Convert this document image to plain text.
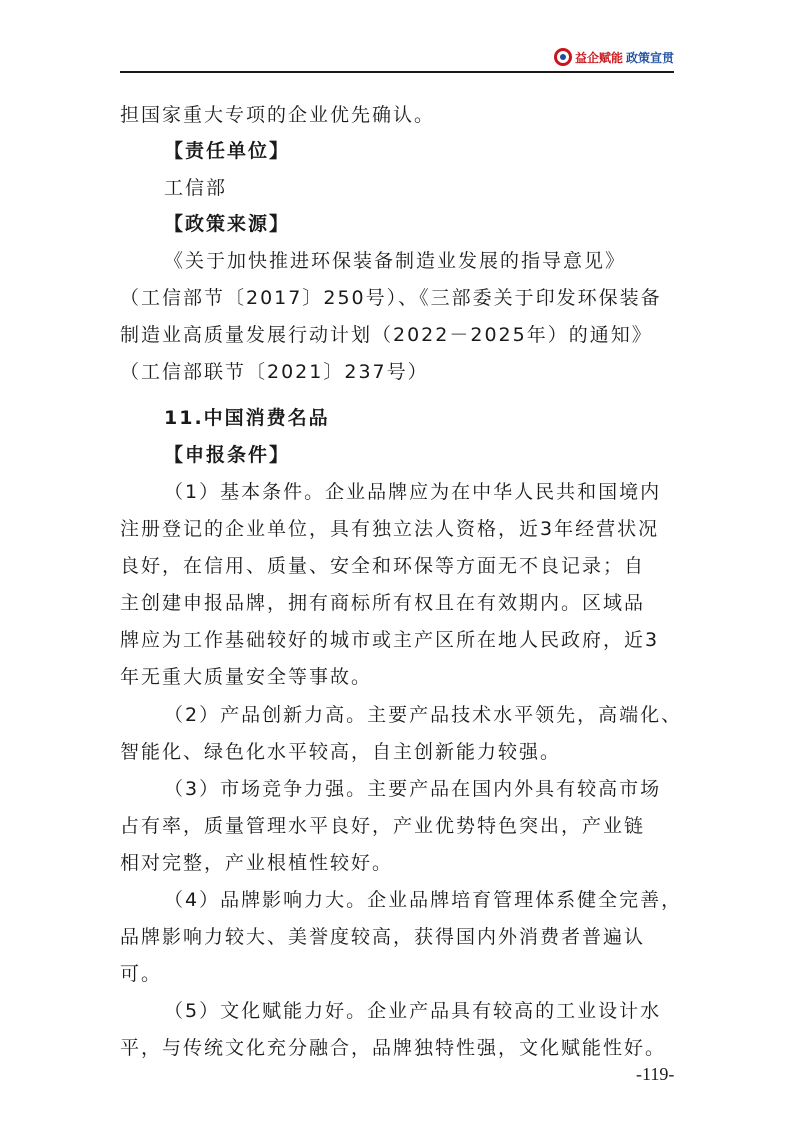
益企赋能 政策宣贯
担国家重大专项的企业优先确认。
【责任单位】
工信部
【政策来源】
《关于加快推进环保装备制造业发展的指导意见》
（工信部节〔2017〕250号）、《三部委关于印发环保装备
制造业高质量发展行动计划（2022－2025年）的通知》
（工信部联节〔2021〕237号）
11.中国消费名品
【申报条件】
（1）基本条件。企业品牌应为在中华人民共和国境内
注册登记的企业单位，具有独立法人资格，近3年经营状况
良好，在信用、质量、安全和环保等方面无不良记录；自
主创建申报品牌，拥有商标所有权且在有效期内。区域品
牌应为工作基础较好的城市或主产区所在地人民政府，近3
年无重大质量安全等事故。
（2）产品创新力高。主要产品技术水平领先，高端化、
智能化、绿色化水平较高，自主创新能力较强。
（3）市场竞争力强。主要产品在国内外具有较高市场
占有率，质量管理水平良好，产业优势特色突出，产业链
相对完整，产业根植性较好。
（4）品牌影响力大。企业品牌培育管理体系健全完善，
品牌影响力较大、美誉度较高，获得国内外消费者普遍认
可。
（5）文化赋能力好。企业产品具有较高的工业设计水
平，与传统文化充分融合，品牌独特性强，文化赋能性好。
-119-
